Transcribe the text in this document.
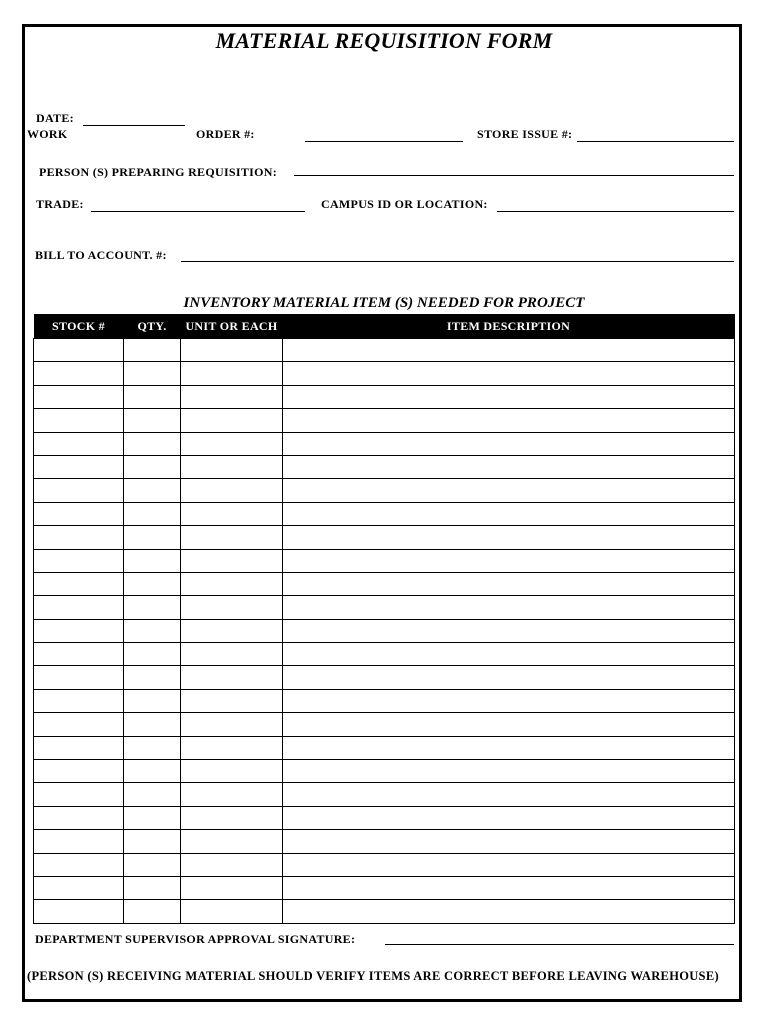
MATERIAL REQUISITION FORM
DATE:
WORK	ORDER #:	STORE ISSUE #:
PERSON (S) PREPARING REQUISITION:
TRADE:	CAMPUS ID OR LOCATION:
BILL TO ACCOUNT. #:
INVENTORY MATERIAL ITEM (S) NEEDED FOR PROJECT
STOCK #	QTY.	UNIT OR EACH	ITEM DESCRIPTION

DEPARTMENT SUPERVISOR APPROVAL SIGNATURE:
(PERSON (S) RECEIVING MATERIAL SHOULD VERIFY ITEMS ARE CORRECT BEFORE LEAVING WAREHOUSE)
